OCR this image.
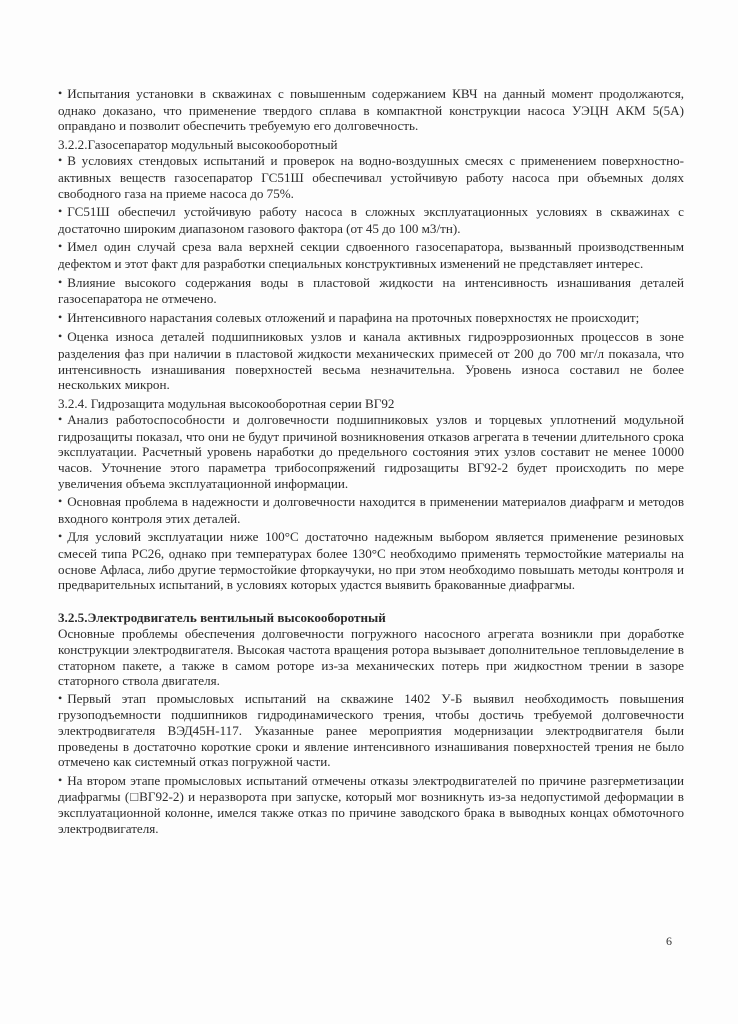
• Испытания установки в скважинах с повышенным содержанием КВЧ на данный момент продолжаются, однако доказано, что применение твердого сплава в компактной конструкции насоса УЭЦН АКМ 5(5А) оправдано и позволит обеспечить требуемую его долговечность.
3.2.2.Газосепаратор модульный высокооборотный
• В условиях стендовых испытаний и проверок на водно-воздушных смесях с применением поверхностно-активных веществ газосепаратор ГС51Ш обеспечивал устойчивую работу насоса при объемных долях свободного газа на приеме насоса до 75%.
• ГС51Ш обеспечил устойчивую работу насоса в сложных эксплуатационных условиях в скважинах с достаточно широким диапазоном газового фактора (от 45 до 100 м3/тн).
• Имел один случай среза вала верхней секции сдвоенного газосепаратора, вызванный производственным дефектом и этот факт для разработки специальных конструктивных изменений не представляет интерес.
• Влияние высокого содержания воды в пластовой жидкости на интенсивность изнашивания деталей газосепаратора не отмечено.
• Интенсивного нарастания солевых отложений и парафина на проточных поверхностях не происходит;
• Оценка износа деталей подшипниковых узлов и канала активных гидроэррозионных процессов в зоне разделения фаз при наличии в пластовой жидкости механических примесей от 200 до 700 мг/л показала, что интенсивность изнашивания поверхностей весьма незначительна. Уровень износа составил не более нескольких микрон.
3.2.4. Гидрозащита модульная высокооборотная серии ВГ92
• Анализ работоспособности и долговечности подшипниковых узлов и торцевых уплотнений модульной гидрозащиты показал, что они не будут причиной возникновения отказов агрегата в течении длительного срока эксплуатации. Расчетный уровень наработки до предельного состояния этих узлов составит не менее 10000 часов. Уточнение этого параметра трибосопряжений гидрозащиты ВГ92-2 будет происходить по мере увеличения объема эксплуатационной информации.
• Основная проблема в надежности и долговечности находится в применении материалов диафрагм и методов входного контроля этих деталей.
• Для условий эксплуатации ниже 100°С достаточно надежным выбором является применение резиновых смесей типа РС26, однако при температурах более 130°С необходимо применять термостойкие материалы на основе Афласа, либо другие термостойкие фторкаучуки, но при этом необходимо повышать методы контроля и предварительных испытаний, в условиях которых удастся выявить бракованные диафрагмы.
3.2.5.Электродвигатель вентильный высокооборотный
Основные проблемы обеспечения долговечности погружного насосного агрегата возникли при доработке конструкции электродвигателя. Высокая частота вращения ротора вызывает дополнительное тепловыделение в статорном пакете, а также в самом роторе из-за механических потерь при жидкостном трении в зазоре статорного ствола двигателя.
• Первый этап промысловых испытаний на скважине 1402 У-Б выявил необходимость повышения грузоподъемности подшипников гидродинамического трения, чтобы достичь требуемой долговечности электродвигателя ВЭД45Н-117. Указанные ранее мероприятия модернизации электродвигателя были проведены в достаточно короткие сроки и явление интенсивного изнашивания поверхностей трения не было отмечено как системный отказ погружной части.
• На втором этапе промысловых испытаний отмечены отказы электродвигателей по причине разгерметизации диафрагмы (□ВГ92-2) и неразворота при запуске, который мог возникнуть из-за недопустимой деформации в эксплуатационной колонне, имелся также отказ по причине заводского брака в выводных концах обмоточного электродвигателя.
6
